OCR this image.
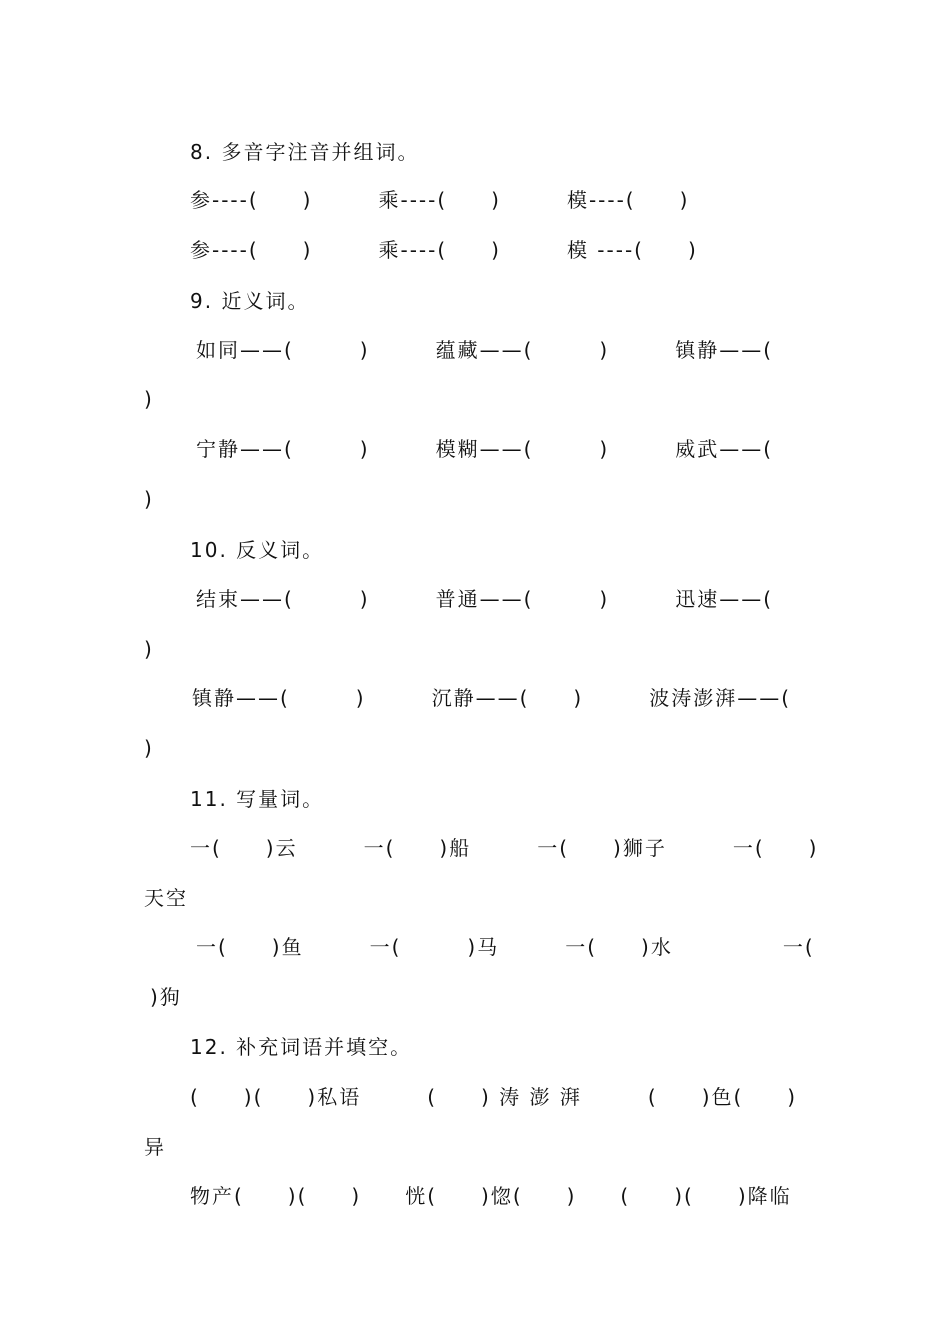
8. 多音字注音并组词。
参----(　　)　　　乘----(　　)　　　模----(　　)
参----(　　)　　　乘----(　　)　　　模 ----(　　)
9. 近义词。
如同——(　　　)　　　蕴藏——(　　　)　　　镇静——(
)
宁静——(　　　)　　　模糊——(　　　)　　　威武——(
)
10. 反义词。
结束——(　　　)　　　普通——(　　　)　　　迅速——(
)
镇静——(　　　)　　　沉静——(　　)　　　波涛澎湃——(
)
11. 写量词。
一(　　)云　　　一(　　)船　　　一(　　)狮子　　　一(　　)
天空
一(　　)鱼　　　一(　　　)马　　　一(　　)水　　　　　一(
)狗
12. 补充词语并填空。
(　　)(　　)私语　　　(　　) 涛 澎 湃　　　(　　)色(　　)
异
物产(　　)(　　)　　恍(　　)惚(　　)　　(　　)(　　)降临
